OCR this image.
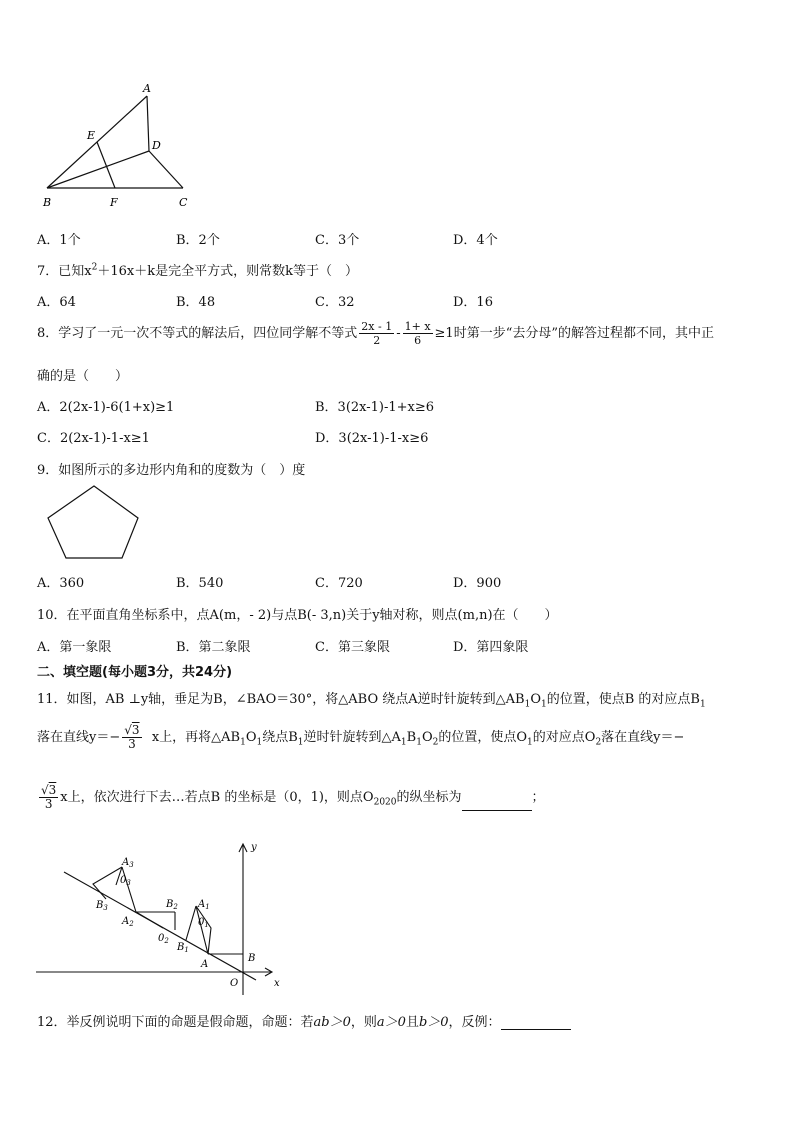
A
E
D
B	F	C
A．1个	B．2个	C．3个	D．4个
7．已知$x^2+16x+k$是完全平方式，则常数k等于（　）
A．64	B．48	C．32	D．16
8．学习了一元一次不等式的解法后，四位同学解不等式 $\frac{2x - 1}{2} - \frac{1+ x}{6} \ge 1$时第一步“去分母”的解答过程都不同，其中正
确的是（　　）
A．2(2x-1)-6(1+x)≥1	B．3(2x-1)-1+x≥6
C．2(2x-1)-1-x≥1	D．3(2x-1)-1-x≥6
9．如图所示的多边形内角和的度数为（　）度
A．360	B．540	C．720	D．900
10．在平面直角坐标系中，点A(m，- 2)与点B(- 3,n)关于y轴对称，则点(m,n)在（　　）
A．第一象限	B．第二象限	C．第三象限	D．第四象限
二、填空题(每小题3分，共24分)
11．如图，AB ⊥y轴，垂足为B，∠BAO＝30°，将△ABO 绕点A逆时针旋转到$\triangle AB_1O_1$的位置，使点B 的对应点$B_1$
落在直线$y=- \frac{√3}{3}$ x上，再将$\triangle AB_1O_1$绕点$B_1$逆时针旋转到$\triangle A_1B_1O_2$的位置，使点$O_1$的对应点$O_2$落在直线y＝−
$\frac{√3}{3}$ x上，依次进行下去…若点B 的坐标是（0，1)，则点$O_{2020}$的纵坐标为	；
y
x
O
B
A
$A_1$
$0_1$
$B_1$
$B_2$
$0_2$
$A_2$
$A_3$
$0_3$
$B_3$
12．举反例说明下面的命题是假命题，命题：若ab＞0，则a＞0且b＞0，反例：
